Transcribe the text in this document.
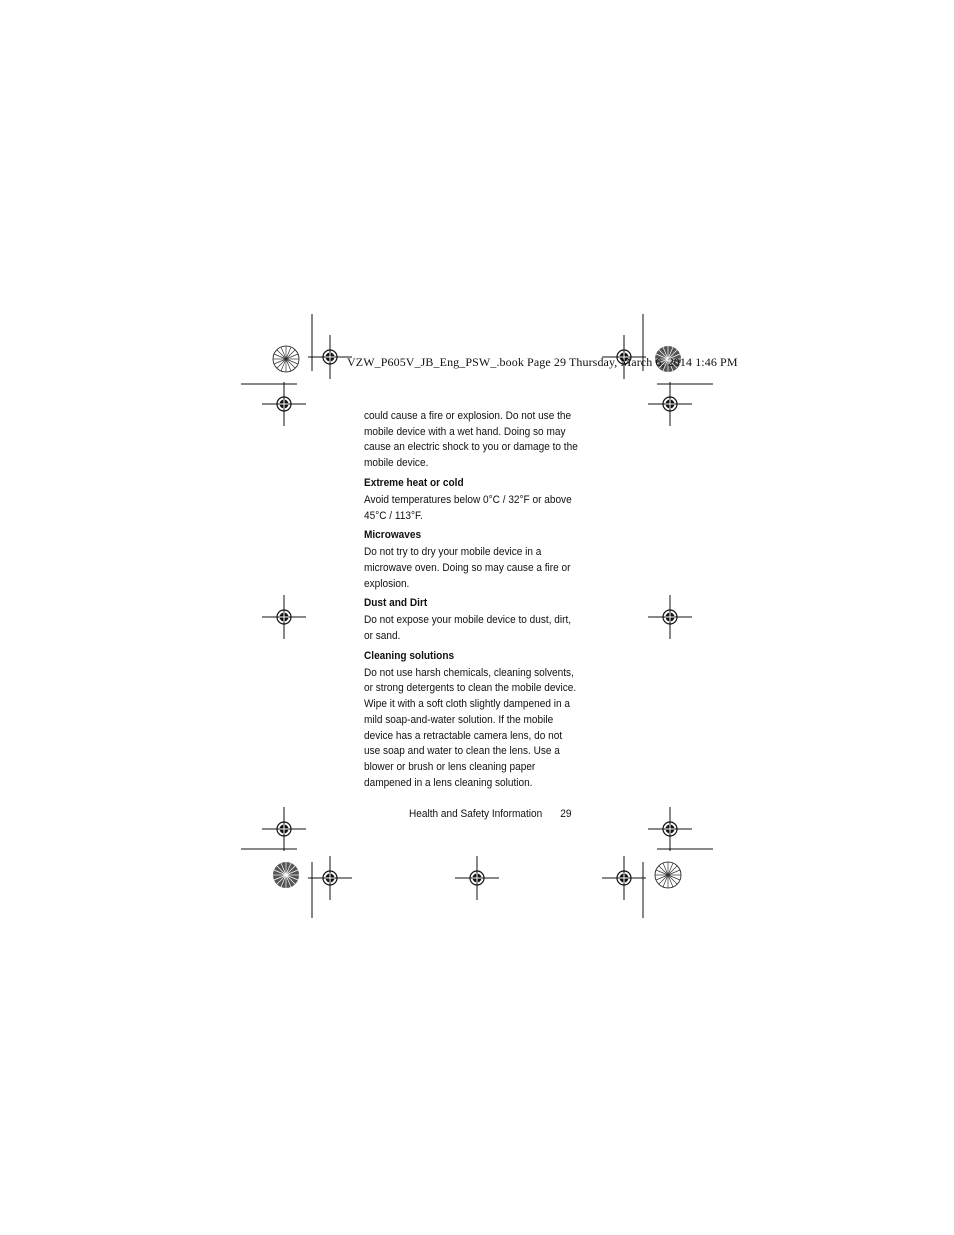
VZW_P605V_JB_Eng_PSW_.book Page 29 Thursday, March 6, 2014 1:46 PM

could cause a fire or explosion. Do not use the mobile device with a wet hand. Doing so may cause an electric shock to you or damage to the mobile device.

Extreme heat or cold

Avoid temperatures below 0°C / 32°F or above 45°C / 113°F.

Microwaves

Do not try to dry your mobile device in a microwave oven. Doing so may cause a fire or explosion.

Dust and Dirt

Do not expose your mobile device to dust, dirt, or sand.

Cleaning solutions

Do not use harsh chemicals, cleaning solvents, or strong detergents to clean the mobile device. Wipe it with a soft cloth slightly dampened in a mild soap-and-water solution. If the mobile device has a retractable camera lens, do not use soap and water to clean the lens. Use a blower or brush or lens cleaning paper dampened in a lens cleaning solution.

Health and Safety Information 29
